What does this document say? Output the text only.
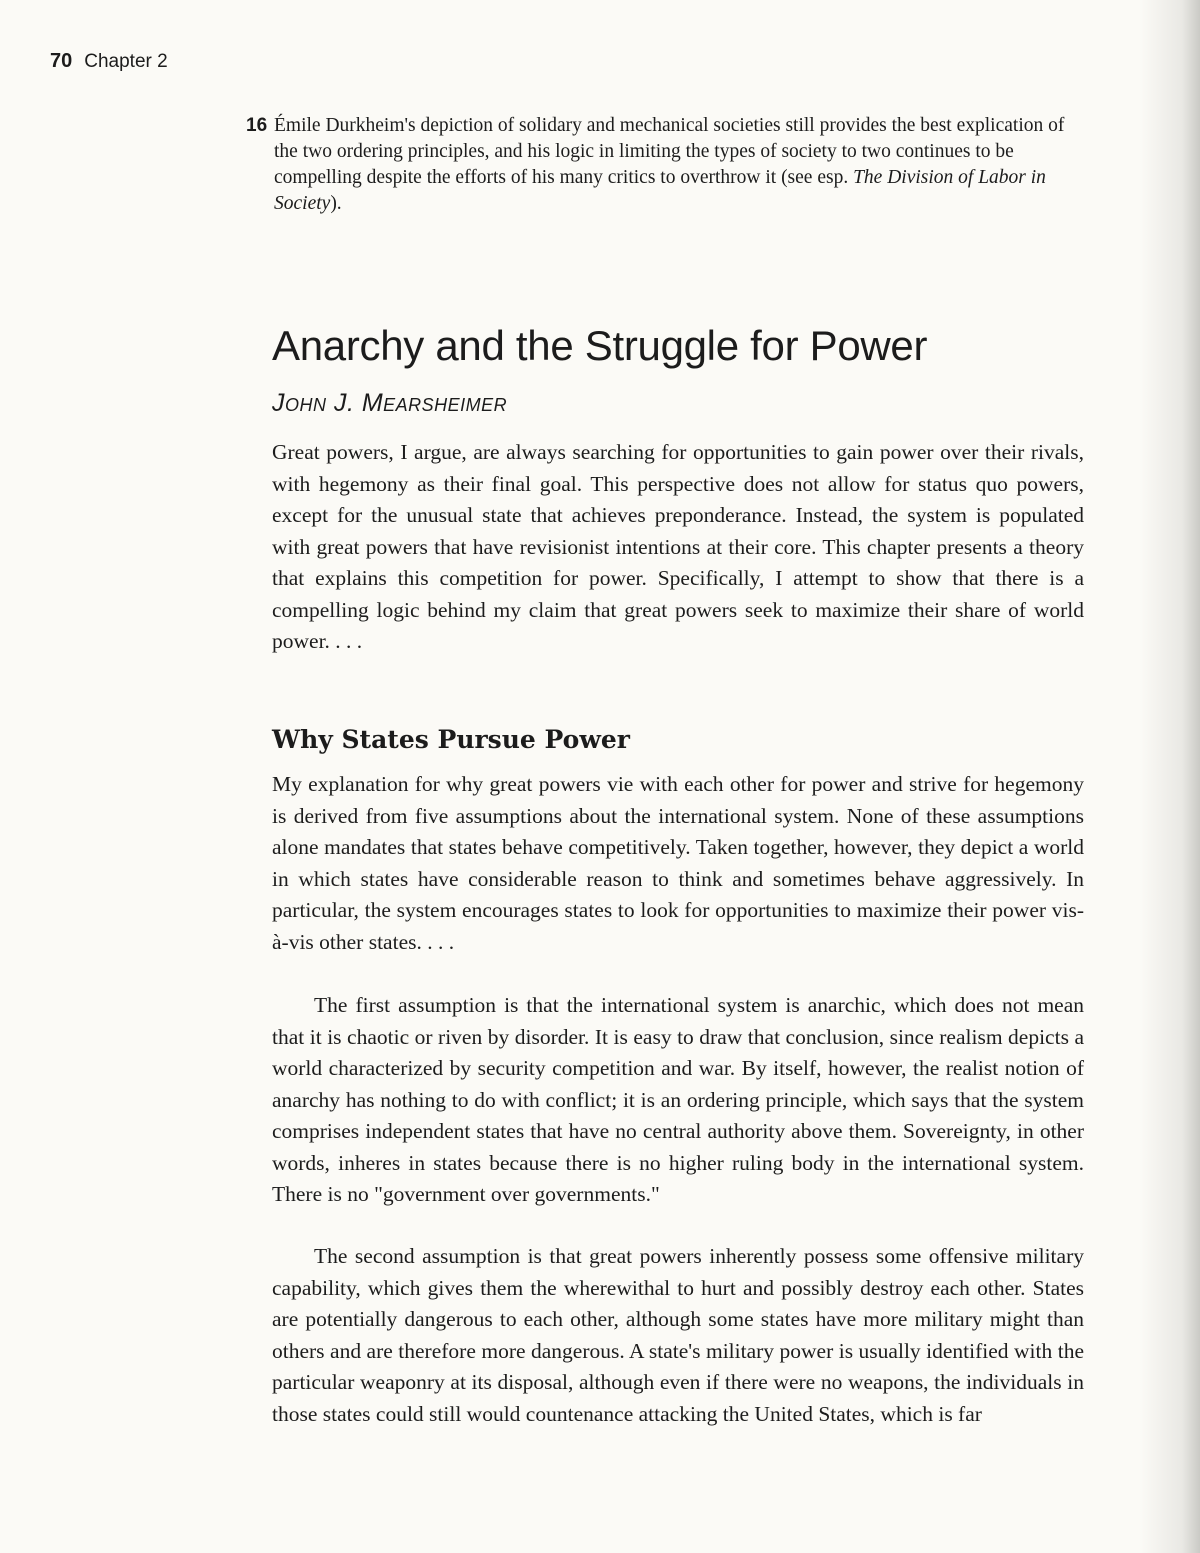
70 Chapter 2
16 Émile Durkheim's depiction of solidary and mechanical societies still provides the best explication of the two ordering principles, and his logic in limiting the types of society to two continues to be compelling despite the efforts of his many critics to overthrow it (see esp. The Division of Labor in Society).
Anarchy and the Struggle for Power
John J. Mearsheimer

Great powers, I argue, are always searching for opportunities to gain power over their rivals, with hegemony as their final goal. This perspective does not allow for status quo powers, except for the unusual state that achieves preponderance. Instead, the system is populated with great powers that have revisionist intentions at their core. This chapter presents a theory that explains this competition for power. Specifically, I attempt to show that there is a compelling logic behind my claim that great powers seek to maximize their share of world power. . . .

Why States Pursue Power

My explanation for why great powers vie with each other for power and strive for hegemony is derived from five assumptions about the international system. None of these assumptions alone mandates that states behave competitively. Taken together, however, they depict a world in which states have considerable reason to think and sometimes behave aggressively. In particular, the system encourages states to look for opportunities to maximize their power vis-à-vis other states. . . .

The first assumption is that the international system is anarchic, which does not mean that it is chaotic or riven by disorder. It is easy to draw that conclusion, since realism depicts a world characterized by security competition and war. By itself, however, the realist notion of anarchy has nothing to do with conflict; it is an ordering principle, which says that the system comprises independent states that have no central authority above them. Sovereignty, in other words, inheres in states because there is no higher ruling body in the international system. There is no "government over governments."

The second assumption is that great powers inherently possess some offensive military capability, which gives them the wherewithal to hurt and possibly destroy each other. States are potentially dangerous to each other, although some states have more military might than others and are therefore more dangerous. A state's military power is usually identified with the particular weaponry at its disposal, although even if there were no weapons, the individuals in those states could still would countenance attacking the United States, which is far
